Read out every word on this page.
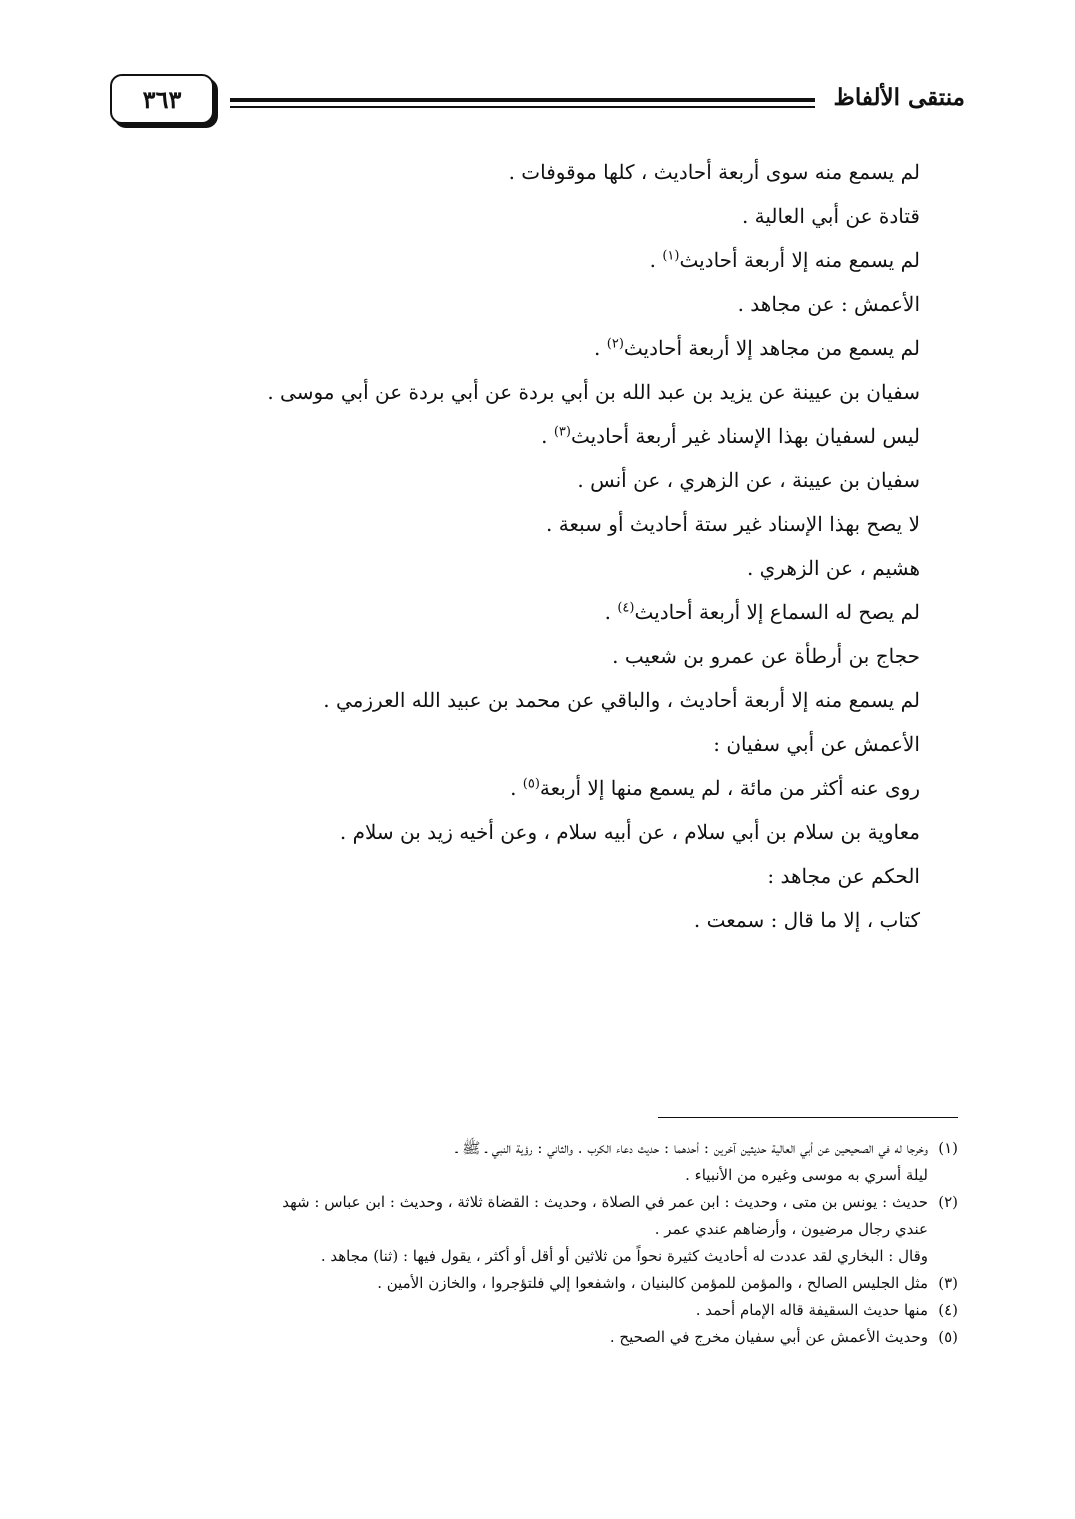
منتقى الألفاظ
٣٦٣
لم يسمع منه سوى أربعة أحاديث ، كلها موقوفات .
قتادة عن أبي العالية .
لم يسمع منه إلا أربعة أحاديث$^{(١)}$ .
الأعمش : عن مجاهد .
لم يسمع من مجاهد إلا أربعة أحاديث$^{(٢)}$ .
سفيان بن عيينة عن يزيد بن عبد الله بن أبي بردة عن أبي بردة عن أبي موسى .
ليس لسفيان بهذا الإسناد غير أربعة أحاديث$^{(٣)}$ .
سفيان بن عيينة ، عن الزهري ، عن أنس .
لا يصح بهذا الإسناد غير ستة أحاديث أو سبعة .
هشيم ، عن الزهري .
لم يصح له السماع إلا أربعة أحاديث$^{(٤)}$ .
حجاج بن أرطأة عن عمرو بن شعيب .
لم يسمع منه إلا أربعة أحاديث ، والباقي عن محمد بن عبيد الله العرزمي .
الأعمش عن أبي سفيان :
روى عنه أكثر من مائة ، لم يسمع منها إلا أربعة$^{(٥)}$ .
معاوية بن سلام بن أبي سلام ، عن أبيه سلام ، وعن أخيه زيد بن سلام .
الحكم عن مجاهد :
كتاب ، إلا ما قال : سمعت .
(١)وخرجا له في الصحيحين عن أبي العالية حديثين آخرين : أحدهما : حديث دعاء الكرب . والثاني : رؤية النبي ـ ﷺ ـ
ليلة أسري به موسى وغيره من الأنبياء .
(٢)حديث : يونس بن متى ، وحديث : ابن عمر في الصلاة ، وحديث : القضاة ثلاثة ، وحديث : ابن عباس : شهد
عندي رجال مرضيون ، وأرضاهم عندي عمر .
وقال : البخاري لقد عددت له أحاديث كثيرة نحواً من ثلاثين أو أقل أو أكثر ، يقول فيها : (ثنا) مجاهد .
(٣)مثل الجليس الصالح ، والمؤمن للمؤمن كالبنيان ، واشفعوا إلي فلتؤجروا ، والخازن الأمين .
(٤)منها حديث السقيفة قاله الإمام أحمد .
(٥)وحديث الأعمش عن أبي سفيان مخرج في الصحيح .
